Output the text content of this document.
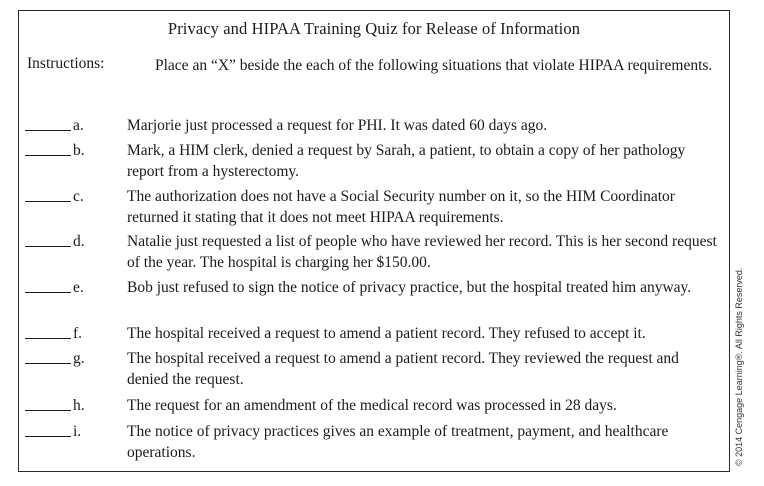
Privacy and HIPAA Training Quiz for Release of Information
Instructions:	Place an “X” beside the each of the following situations that violate HIPAA requirements.
a.	Marjorie just processed a request for PHI. It was dated 60 days ago.
b.	Mark, a HIM clerk, denied a request by Sarah, a patient, to obtain a copy of her pathology report from a hysterectomy.
c.	The authorization does not have a Social Security number on it, so the HIM Coordinator returned it stating that it does not meet HIPAA requirements.
d.	Natalie just requested a list of people who have reviewed her record. This is her second request of the year. The hospital is charging her $150.00.
e.	Bob just refused to sign the notice of privacy practice, but the hospital treated him anyway.
f.	The hospital received a request to amend a patient record. They refused to accept it.
g.	The hospital received a request to amend a patient record. They reviewed the request and denied the request.
h.	The request for an amendment of the medical record was processed in 28 days.
i.	The notice of privacy practices gives an example of treatment, payment, and healthcare operations.	© 2014 Cengage Learning®. All Rights Reserved.
